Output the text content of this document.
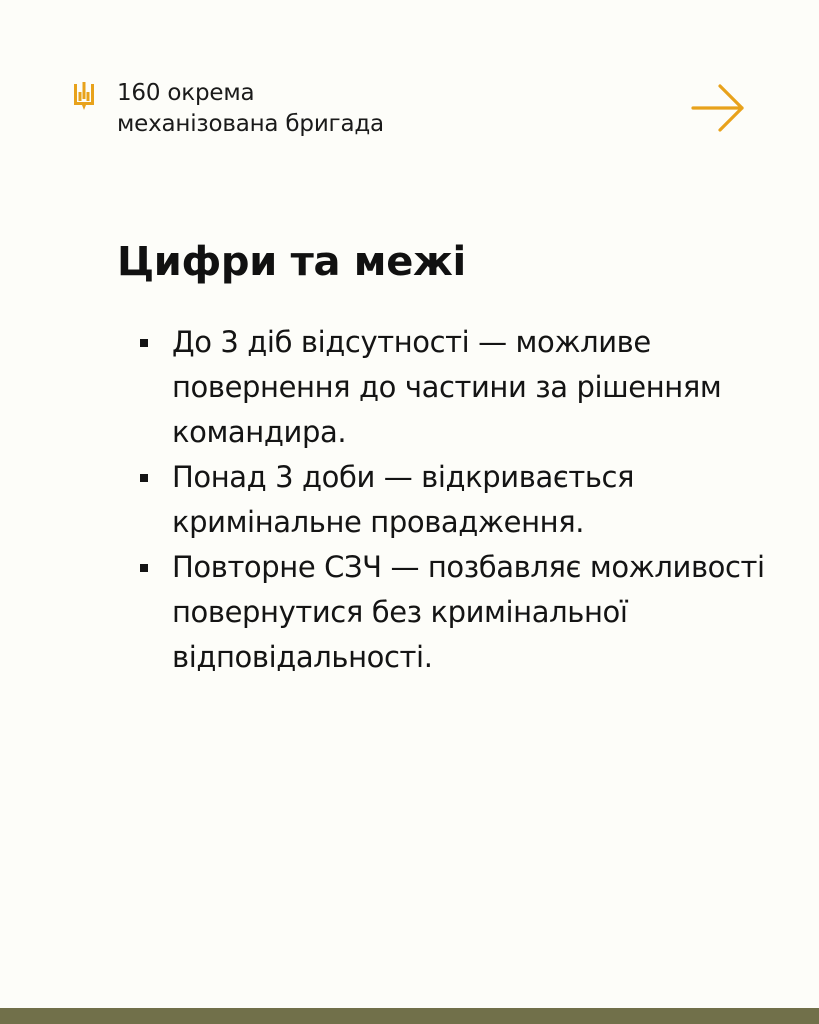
160 окрема
механізована бригада
Цифри та межі
До 3 діб відсутності — можливе повернення до частини за рішенням командира.
Понад 3 доби — відкривається кримінальне провадження.
Повторне СЗЧ — позбавляє можливості повернутися без кримінальної відповідальності.
